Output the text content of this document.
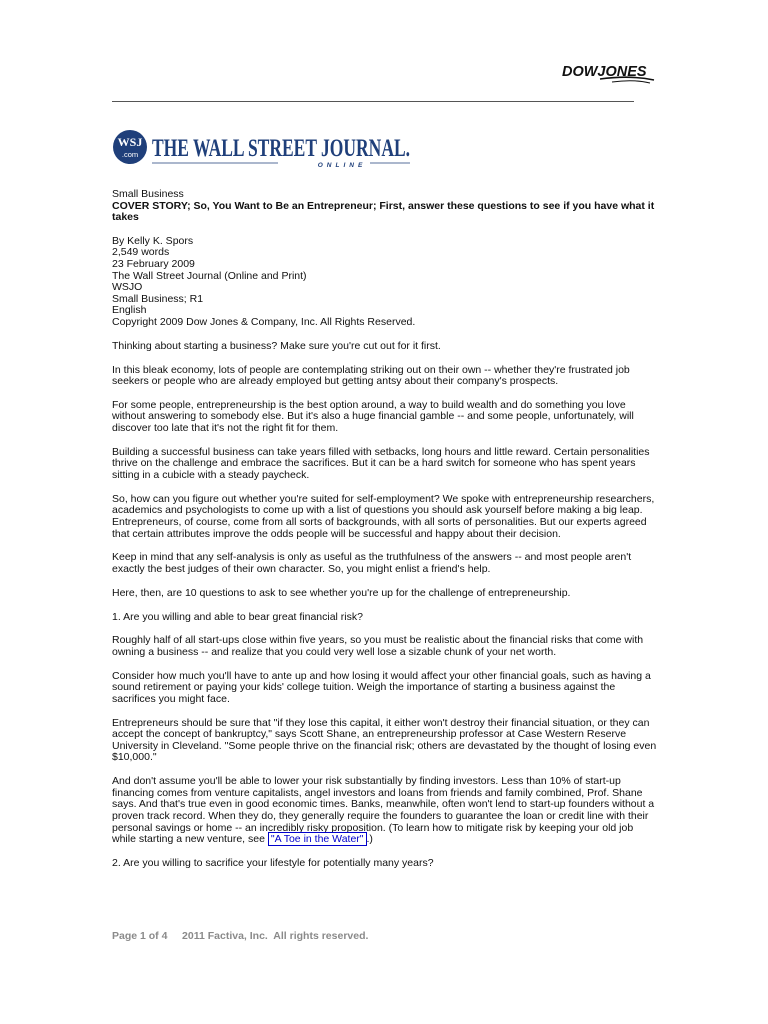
DOWJONES
WSJ
.com THE WALL STREET JOURNAL.
ONLINE

Small Business

COVER STORY; So, You Want to Be an Entrepreneur; First, answer these questions to see if you have what it takes

By Kelly K. Spors

2,549 words

23 February 2009

The Wall Street Journal (Online and Print)

WSJO

Small Business; R1

English

Copyright 2009 Dow Jones & Company, Inc. All Rights Reserved.

Thinking about starting a business? Make sure you're cut out for it first.

In this bleak economy, lots of people are contemplating striking out on their own -- whether they're frustrated job seekers or people who are already employed but getting antsy about their company's prospects.

For some people, entrepreneurship is the best option around, a way to build wealth and do something you love without answering to somebody else. But it's also a huge financial gamble -- and some people, unfortunately, will discover too late that it's not the right fit for them.

Building a successful business can take years filled with setbacks, long hours and little reward. Certain personalities thrive on the challenge and embrace the sacrifices. But it can be a hard switch for someone who has spent years sitting in a cubicle with a steady paycheck.

So, how can you figure out whether you're suited for self-employment? We spoke with entrepreneurship researchers, academics and psychologists to come up with a list of questions you should ask yourself before making a big leap. Entrepreneurs, of course, come from all sorts of backgrounds, with all sorts of personalities. But our experts agreed that certain attributes improve the odds people will be successful and happy about their decision.

Keep in mind that any self-analysis is only as useful as the truthfulness of the answers -- and most people aren't exactly the best judges of their own character. So, you might enlist a friend's help.

Here, then, are 10 questions to ask to see whether you're up for the challenge of entrepreneurship.

1. Are you willing and able to bear great financial risk?

Roughly half of all start-ups close within five years, so you must be realistic about the financial risks that come with owning a business -- and realize that you could very well lose a sizable chunk of your net worth.

Consider how much you'll have to ante up and how losing it would affect your other financial goals, such as having a sound retirement or paying your kids' college tuition. Weigh the importance of starting a business against the sacrifices you might face.

Entrepreneurs should be sure that "if they lose this capital, it either won't destroy their financial situation, or they can accept the concept of bankruptcy," says Scott Shane, an entrepreneurship professor at Case Western Reserve University in Cleveland. "Some people thrive on the financial risk; others are devastated by the thought of losing even $10,000."

And don't assume you'll be able to lower your risk substantially by finding investors. Less than 10% of start-up financing comes from venture capitalists, angel investors and loans from friends and family combined, Prof. Shane says. And that's true even in good economic times. Banks, meanwhile, often won't lend to start-up founders without a proven track record. When they do, they generally require the founders to guarantee the loan or credit line with their personal savings or home -- an incredibly risky proposition. (To learn how to mitigate risk by keeping your old job while starting a new venture, see "A Toe in the Water" .)

2. Are you willing to sacrifice your lifestyle for potentially many years?

Page 1 of 4 2011 Factiva, Inc.  All rights reserved.
